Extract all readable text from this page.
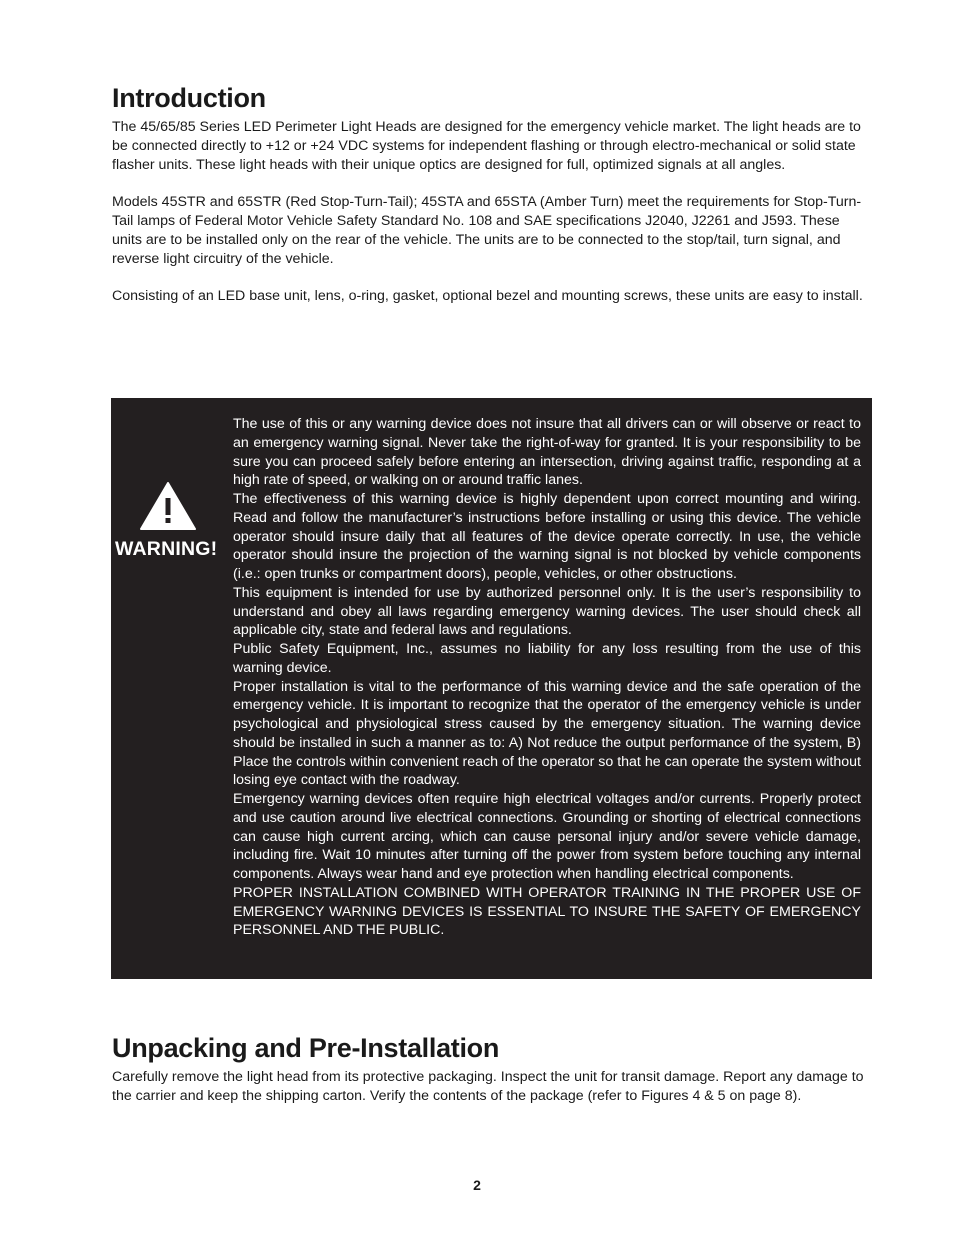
Introduction

The 45/65/85 Series LED Perimeter Light Heads are designed for the emergency vehicle market. The light heads are to be connected directly to +12 or +24 VDC systems for independent flashing or through electro-mechanical or solid state flasher units. These light heads with their unique optics are designed for full, optimized signals at all angles.

Models 45STR and 65STR (Red Stop-Turn-Tail); 45STA and 65STA (Amber Turn) meet the requirements for Stop-Turn-Tail lamps of Federal Motor Vehicle Safety Standard No. 108 and SAE specifications J2040, J2261 and J593. These units are to be installed only on the rear of the vehicle. The units are to be connected to the stop/tail, turn signal, and reverse light circuitry of the vehicle.

Consisting of an LED base unit, lens, o-ring, gasket, optional bezel and mounting screws, these units are easy to install.

Unpacking and Pre-Installation

Carefully remove the light head from its protective packaging. Inspect the unit for transit damage. Report any damage to the carrier and keep the shipping carton. Verify the contents of the package (refer to Figures 4 & 5 on page 8).

WARNING!

The use of this or any warning device does not insure that all drivers can or will observe or react to an emergency warning signal. Never take the right-of-way for granted. It is your responsibility to be sure you can proceed safely before entering an intersection, driving against traffic, responding at a high rate of speed, or walking on or around traffic lanes.

The effectiveness of this warning device is highly dependent upon correct mounting and wiring. Read and follow the manufacturer’s instructions before installing or using this device. The vehicle operator should insure daily that all features of the device operate correctly. In use, the vehicle operator should insure the projection of the warning signal is not blocked by vehicle components (i.e.: open trunks or compartment doors), people, vehicles, or other obstructions.

This equipment is intended for use by authorized personnel only. It is the user’s responsibility to understand and obey all laws regarding emergency warning devices. The user should check all applicable city, state and federal laws and regulations.

Public Safety Equipment, Inc., assumes no liability for any loss resulting from the use of this warning device.

Proper installation is vital to the performance of this warning device and the safe operation of the emergency vehicle. It is important to recognize that the operator of the emergency vehicle is under psychological and physiological stress caused by the emergency situation. The warning device should be installed in such a manner as to: A) Not reduce the output performance of the system, B) Place the controls within convenient reach of the operator so that he can operate the system without losing eye contact with the roadway.

Emergency warning devices often require high electrical voltages and/or currents. Properly protect and use caution around live electrical connections. Grounding or shorting of electrical connections can cause high current arcing, which can cause personal injury and/or severe vehicle damage, including fire. Wait 10 minutes after turning off the power from system before touching any internal components. Always wear hand and eye protection when handling electrical components.

PROPER INSTALLATION COMBINED WITH OPERATOR TRAINING IN THE PROPER USE OF EMERGENCY WARNING DEVICES IS ESSENTIAL TO INSURE THE SAFETY OF EMERGENCY PERSONNEL AND THE PUBLIC.

2
